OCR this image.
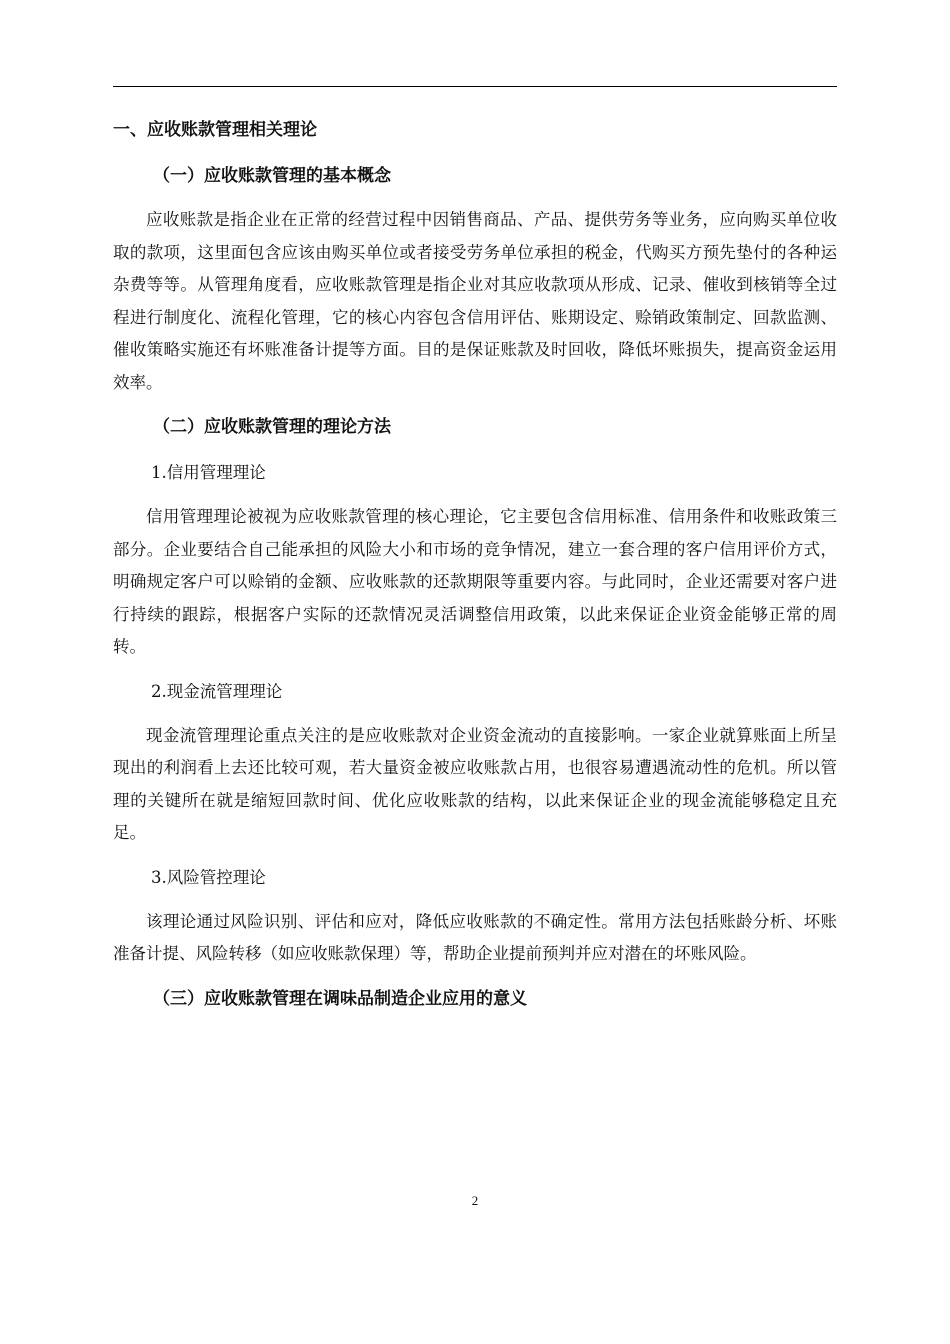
一、应收账款管理相关理论
（一）应收账款管理的基本概念

应收账款是指企业在正常的经营过程中因销售商品、产品、提供劳务等业务，应向购买单位收取的款项，这里面包含应该由购买单位或者接受劳务单位承担的税金，代购买方预先垫付的各种运杂费等等。从管理角度看，应收账款管理是指企业对其应收款项从形成、记录、催收到核销等全过程进行制度化、流程化管理，它的核心内容包含信用评估、账期设定、赊销政策制定、回款监测、催收策略实施还有坏账准备计提等方面。目的是保证账款及时回收，降低坏账损失，提高资金运用效率。

（二）应收账款管理的理论方法
1.信用管理理论

信用管理理论被视为应收账款管理的核心理论，它主要包含信用标准、信用条件和收账政策三部分。企业要结合自己能承担的风险大小和市场的竞争情况，建立一套合理的客户信用评价方式，明确规定客户可以赊销的金额、应收账款的还款期限等重要内容。与此同时，企业还需要对客户进行持续的跟踪，根据客户实际的还款情况灵活调整信用政策，以此来保证企业资金能够正常的周转。

2.现金流管理理论

现金流管理理论重点关注的是应收账款对企业资金流动的直接影响。一家企业就算账面上所呈现出的利润看上去还比较可观，若大量资金被应收账款占用，也很容易遭遇流动性的危机。所以管理的关键所在就是缩短回款时间、优化应收账款的结构，以此来保证企业的现金流能够稳定且充足。

3.风险管控理论

该理论通过风险识别、评估和应对，降低应收账款的不确定性。常用方法包括账龄分析、坏账准备计提、风险转移（如应收账款保理）等，帮助企业提前预判并应对潜在的坏账风险。

（三）应收账款管理在调味品制造企业应用的意义
2
